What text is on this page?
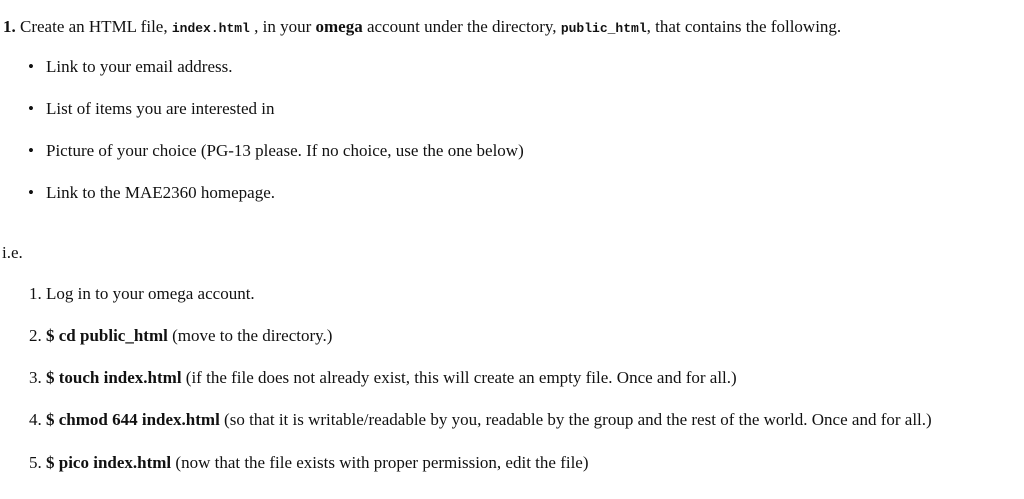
1. Create an HTML file, index.html , in your omega account under the directory, public_html, that contains the following.
• Link to your email address.
• List of items you are interested in
• Picture of your choice (PG-13 please. If no choice, use the one below)
• Link to the MAE2360 homepage.
i.e.
1. Log in to your omega account.
2. $ cd public_html (move to the directory.)
3. $ touch index.html (if the file does not already exist, this will create an empty file. Once and for all.)
4. $ chmod 644 index.html (so that it is writable/readable by you, readable by the group and the rest of the world. Once and for all.)
5. $ pico index.html (now that the file exists with proper permission, edit the file)
